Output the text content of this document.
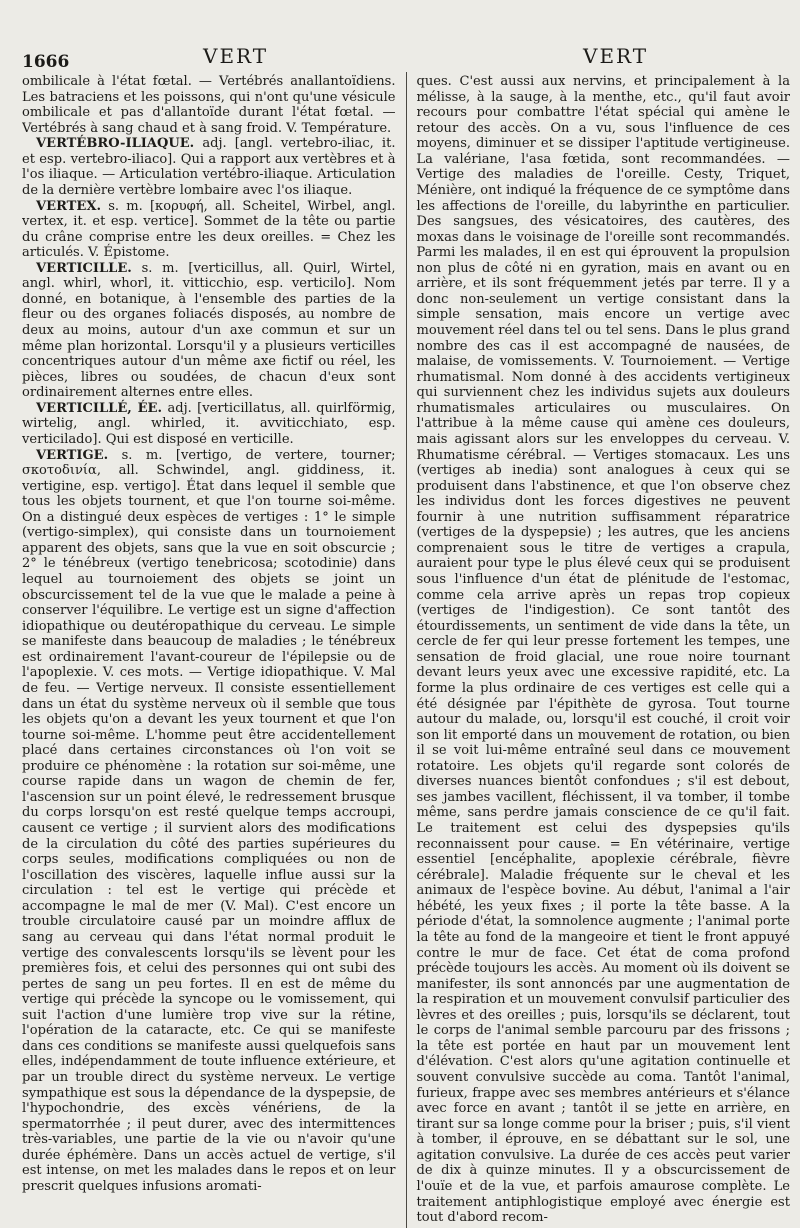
1666	VERT	VERT

ombilicale à l'état fœtal. — Vertébrés anallantoïdiens. Les batraciens et les poissons, qui n'ont qu'une vésicule ombilicale et pas d'allantoïde durant l'état fœtal. — Vertébrés à sang chaud et à sang froid. V. Température.

VERTÉBRO-ILIAQUE. adj. [angl. vertebro-iliac, it. et esp. vertebro-iliaco]. Qui a rapport aux vertèbres et à l'os iliaque. — Articulation vertébro-iliaque. Articulation de la dernière vertèbre lombaire avec l'os iliaque.

VERTEX. s. m. [κορυφή, all. Scheitel, Wirbel, angl. vertex, it. et esp. vertice]. Sommet de la tête ou partie du crâne comprise entre les deux oreilles. = Chez les articulés. V. Épistome.

VERTICILLE. s. m. [verticillus, all. Quirl, Wirtel, angl. whirl, whorl, it. vitticchio, esp. verticilo]. Nom donné, en botanique, à l'ensemble des parties de la fleur ou des organes foliacés disposés, au nombre de deux au moins, autour d'un axe commun et sur un même plan horizontal. Lorsqu'il y a plusieurs verticilles concentriques autour d'un même axe fictif ou réel, les pièces, libres ou soudées, de chacun d'eux sont ordinairement alternes entre elles.

VERTICILLÉ, ÉE. adj. [verticillatus, all. quirlförmig, wirtelig, angl. whirled, it. avviticchiato, esp. verticilado]. Qui est disposé en verticille.

VERTIGE. s. m. [vertigo, de vertere, tourner; σκοτοδινία, all. Schwindel, angl. giddiness, it. vertigine, esp. vertigo]. État dans lequel il semble que tous les objets tournent, et que l'on tourne soi-même. On a distingué deux espèces de vertiges : 1° le simple (vertigo-simplex), qui consiste dans un tournoiement apparent des objets, sans que la vue en soit obscurcie ; 2° le ténébreux (vertigo tenebricosa; scotodinie) dans lequel au tournoiement des objets se joint un obscurcissement tel de la vue que le malade a peine à conserver l'équilibre. Le vertige est un signe d'affection idiopathique ou deutéropathique du cerveau. Le simple se manifeste dans beaucoup de maladies ; le ténébreux est ordinairement l'avant-coureur de l'épilepsie ou de l'apoplexie. V. ces mots. — Vertige idiopathique. V. Mal de feu. — Vertige nerveux. Il consiste essentiellement dans un état du système nerveux où il semble que tous les objets qu'on a devant les yeux tournent et que l'on tourne soi-même. L'homme peut être accidentellement placé dans certaines circonstances où l'on voit se produire ce phénomène : la rotation sur soi-même, une course rapide dans un wagon de chemin de fer, l'ascension sur un point élevé, le redressement brusque du corps lorsqu'on est resté quelque temps accroupi, causent ce vertige ; il survient alors des modifications de la circulation du côté des parties supérieures du corps seules, modifications compliquées ou non de l'oscillation des viscères, laquelle influe aussi sur la circulation : tel est le vertige qui précède et accompagne le mal de mer (V. Mal). C'est encore un trouble circulatoire causé par un moindre afflux de sang au cerveau qui dans l'état normal produit le vertige des convalescents lorsqu'ils se lèvent pour les premières fois, et celui des personnes qui ont subi des pertes de sang un peu fortes. Il en est de même du vertige qui précède la syncope ou le vomissement, qui suit l'action d'une lumière trop vive sur la rétine, l'opération de la cataracte, etc. Ce qui se manifeste dans ces conditions se manifeste aussi quelquefois sans elles, indépendamment de toute influence extérieure, et par un trouble direct du système nerveux. Le vertige sympathique est sous la dépendance de la dyspepsie, de l'hypochondrie, des excès vénériens, de la spermatorrhée ; il peut durer, avec des intermittences très-variables, une partie de la vie ou n'avoir qu'une durée éphémère. Dans un accès actuel de vertige, s'il est intense, on met les malades dans le repos et on leur prescrit quelques infusions aromati-

ques. C'est aussi aux nervins, et principalement à la mélisse, à la sauge, à la menthe, etc., qu'il faut avoir recours pour combattre l'état spécial qui amène le retour des accès. On a vu, sous l'influence de ces moyens, diminuer et se dissiper l'aptitude vertigineuse. La valériane, l'asa fœtida, sont recommandées. — Vertige des maladies de l'oreille. Cesty, Triquet, Ménière, ont indiqué la fréquence de ce symptôme dans les affections de l'oreille, du labyrinthe en particulier. Des sangsues, des vésicatoires, des cautères, des moxas dans le voisinage de l'oreille sont recommandés. Parmi les malades, il en est qui éprouvent la propulsion non plus de côté ni en gyration, mais en avant ou en arrière, et ils sont fréquemment jetés par terre. Il y a donc non-seulement un vertige consistant dans la simple sensation, mais encore un vertige avec mouvement réel dans tel ou tel sens. Dans le plus grand nombre des cas il est accompagné de nausées, de malaise, de vomissements. V. Tournoiement. — Vertige rhumatismal. Nom donné à des accidents vertigineux qui surviennent chez les individus sujets aux douleurs rhumatismales articulaires ou musculaires. On l'attribue à la même cause qui amène ces douleurs, mais agissant alors sur les enveloppes du cerveau. V. Rhumatisme cérébral. — Vertiges stomacaux. Les uns (vertiges ab inedia) sont analogues à ceux qui se produisent dans l'abstinence, et que l'on observe chez les individus dont les forces digestives ne peuvent fournir à une nutrition suffisamment réparatrice (vertiges de la dyspepsie) ; les autres, que les anciens comprenaient sous le titre de vertiges a crapula, auraient pour type le plus élevé ceux qui se produisent sous l'influence d'un état de plénitude de l'estomac, comme cela arrive après un repas trop copieux (vertiges de l'indigestion). Ce sont tantôt des étourdissements, un sentiment de vide dans la tête, un cercle de fer qui leur presse fortement les tempes, une sensation de froid glacial, une roue noire tournant devant leurs yeux avec une excessive rapidité, etc. La forme la plus ordinaire de ces vertiges est celle qui a été désignée par l'épithète de gyrosa. Tout tourne autour du malade, ou, lorsqu'il est couché, il croit voir son lit emporté dans un mouvement de rotation, ou bien il se voit lui-même entraîné seul dans ce mouvement rotatoire. Les objets qu'il regarde sont colorés de diverses nuances bientôt confondues ; s'il est debout, ses jambes vacillent, fléchissent, il va tomber, il tombe même, sans perdre jamais conscience de ce qu'il fait. Le traitement est celui des dyspepsies qu'ils reconnaissent pour cause. = En vétérinaire, vertige essentiel [encéphalite, apoplexie cérébrale, fièvre cérébrale]. Maladie fréquente sur le cheval et les animaux de l'espèce bovine. Au début, l'animal a l'air hébété, les yeux fixes ; il porte la tête basse. A la période d'état, la somnolence augmente ; l'animal porte la tête au fond de la mangeoire et tient le front appuyé contre le mur de face. Cet état de coma profond précède toujours les accès. Au moment où ils doivent se manifester, ils sont annoncés par une augmentation de la respiration et un mouvement convulsif particulier des lèvres et des oreilles ; puis, lorsqu'ils se déclarent, tout le corps de l'animal semble parcouru par des frissons ; la tête est portée en haut par un mouvement lent d'élévation. C'est alors qu'une agitation continuelle et souvent convulsive succède au coma. Tantôt l'animal, furieux, frappe avec ses membres antérieurs et s'élance avec force en avant ; tantôt il se jette en arrière, en tirant sur sa longe comme pour la briser ; puis, s'il vient à tomber, il éprouve, en se débattant sur le sol, une agitation convulsive. La durée de ces accès peut varier de dix à quinze minutes. Il y a obscurcissement de l'ouïe et de la vue, et parfois amaurose complète. Le traitement antiphlogistique employé avec énergie est tout d'abord recom-
